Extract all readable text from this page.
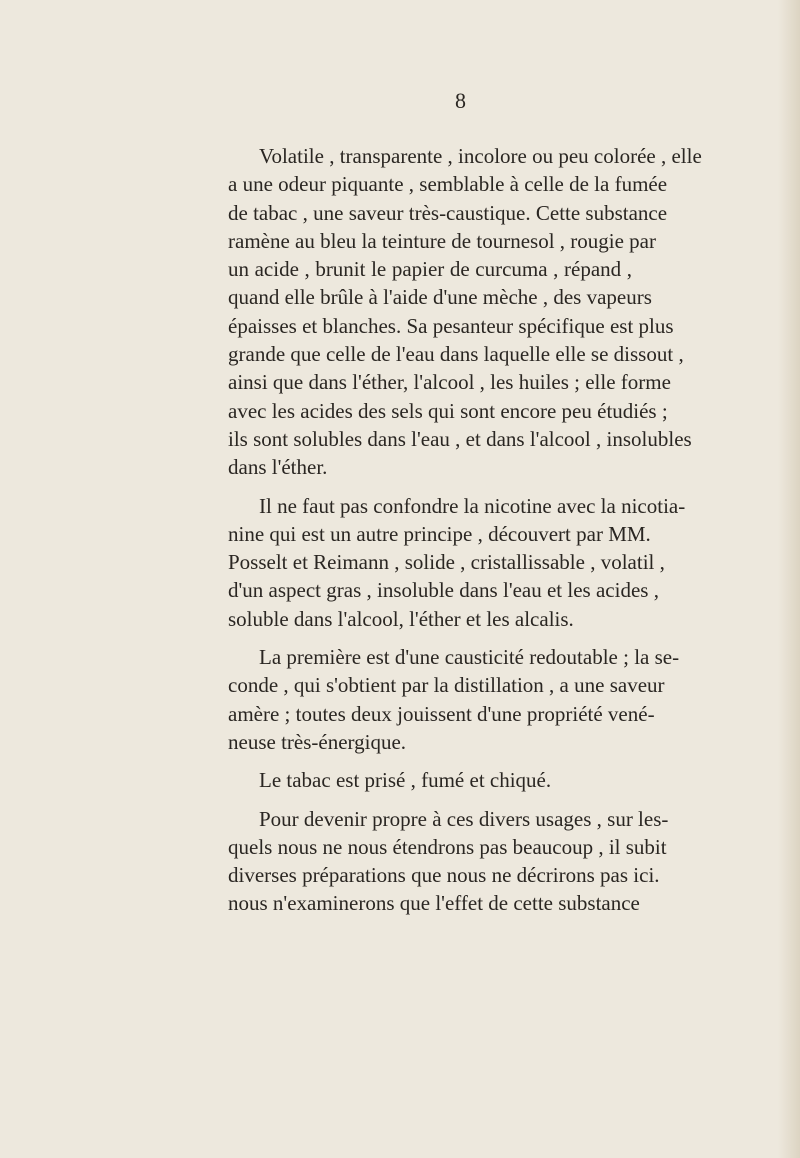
8

Volatile , transparente , incolore ou peu colorée , elle
a une odeur piquante , semblable à celle de la fumée
de tabac , une saveur très-caustique. Cette substance
ramène au bleu la teinture de tournesol , rougie par
un acide , brunit le papier de curcuma , répand ,
quand elle brûle à l'aide d'une mèche , des vapeurs
épaisses et blanches. Sa pesanteur spécifique est plus
grande que celle de l'eau dans laquelle elle se dissout ,
ainsi que dans l'éther, l'alcool , les huiles ; elle forme
avec les acides des sels qui sont encore peu étudiés ;
ils sont solubles dans l'eau , et dans l'alcool , insolubles
dans l'éther.

Il ne faut pas confondre la nicotine avec la nicotia-
nine qui est un autre principe , découvert par MM.
Posselt et Reimann , solide , cristallissable , volatil ,
d'un aspect gras , insoluble dans l'eau et les acides ,
soluble dans l'alcool, l'éther et les alcalis.

La première est d'une causticité redoutable ; la se-
conde , qui s'obtient par la distillation , a une saveur
amère ; toutes deux jouissent d'une propriété vené-
neuse très-énergique.

Le tabac est prisé , fumé et chiqué.

Pour devenir propre à ces divers usages , sur les-
quels nous ne nous étendrons pas beaucoup , il subit
diverses préparations que nous ne décrirons pas ici.
nous n'examinerons que l'effet de cette substance
